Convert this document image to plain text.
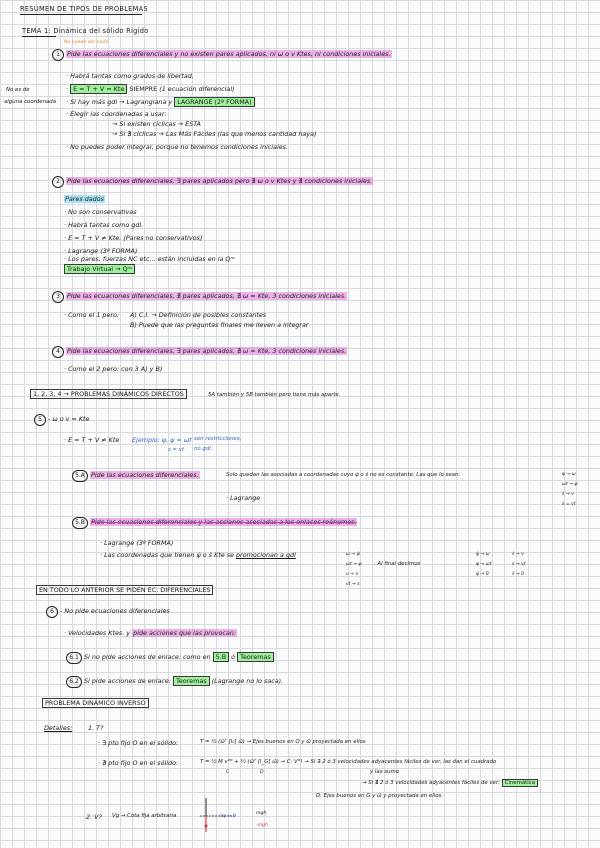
RESUMEN DE TIPOS DE PROBLEMAS
TEMA 1: Dinámica del sólido Rígido
No puede dar nada
1	Pide las ecuaciones diferenciales y no existen pares aplicados, ni ω o v Ktes, ni condiciones iniciales.
No es de
alguna coordenada
· Habrá tantas como grados de libertad.
· E = T + V = Kte SIEMPRE (1 ecuación diferencial)
· Si hay más gdl → Lagrangiana y LAGRANGE (2ª FORMA)
· Elegir las coordenadas a usar:
→ Si existen cíclicas → ESTA
→ Si ∄ cíclicas → Las Más Fáciles (las que menos cantidad haya)
· No puedes poder integrar, porque no tenemos condiciones iniciales.
2	Pide las ecuaciones diferenciales, ∃ pares aplicados pero ∄ ω o v Ktes y ∄ condiciones iniciales.
Pares dados
· No son conservativas
· Habrá tantas como gdl.
· E = T + V ≠ Kte. (Pares no conservativos)
· Lagrange (3ª FORMA)
· Los pares, fuerzas NC etc... están incluidas en la Qⁿᶜ
Trabajo Virtual → Qⁿᶜ
3	Pide las ecuaciones diferenciales, ∄ pares aplicados, ∄ ω = Kte, 3 condiciones iniciales.
· Como el 1 pero: A) C.I. → Definición de posibles constantes
B) Puede que las preguntas finales me lleven a integrar
4	Pide las ecuaciones diferenciales, ∃ pares aplicados, ∄ ω = Kte, 3 condiciones iniciales.
· Como el 2 pero: con 3 A) y B)
1, 2, 3, 4 → PROBLEMAS DINÁMICOS DIRECTOS	5A también y 5B también pero tiene más aparte.
5 - ω o v = Kte
· E = T + V ≠ Kte Ejemplo: ψ, ψ = ωt
s = vt
son restricciones,
no gdl.
5.A Pide las ecuaciones diferenciales.	Solo quedan las asociadas a coordenadas cuyo ψ̇ o ṡ no es constante. Las que lo sean:	ψ → ω
ωt → ψ
ṡ → v
s = vt
· Lagrange
5.B Pide las ecuaciones diferenciales y las acciones asociadas a los enlaces reónomos.
· Lagrange (3ª FORMA)
· Las coordenadas que tienen ψ̇ o ṡ Kte se promocionan a gdl	ω → ψ̇
ωt → ψ
v → ṡ
vt → s
. Al final decimos
ψ̇ → ω
ψ → ωt
ψ̈ → 0
ṡ → v
s → vt
s̈ → 0
EN TODO LO ANTERIOR SE PIDEN EC. DIFERENCIALES
6 - No pide ecuaciones diferenciales
· Velocidades Ktes. y pide acciones que las provocan:
6.1 Si no pide acciones de enlace: como en 5.B ó Teoremas
6.2 Si pide acciones de enlace: Teoremas (Lagrange no lo saca).
PROBLEMA DINÁMICO INVERSO
Detalles: 1. T?
· ∃ pto fijo O en el sólido:	T = ½ (ω⃗ᵀ [I₀] ω⃗) → Ejes buenos en O y ω⃗ proyectada en ellos
· ∄ pto fijo O en el sólido:	T = ½ M v²ᴳ + ½ (ω⃗ᵀ [I_G] ω⃗) → C: Vᴳ! → Si ∃ 2 ó 3 velocidades adyacentes fáciles de ver, las dan el cuadrado
C	D	y las sumo
→ Si ∄ 2 ó 3 velocidades adyacentes fáciles de ver: Cinemática
D: Ejes buenos en G y ω⃗ y proyectada en ellos.
2. V? Vg → Cota fija arbitraria	Vg = 0
mgh
-mgh
